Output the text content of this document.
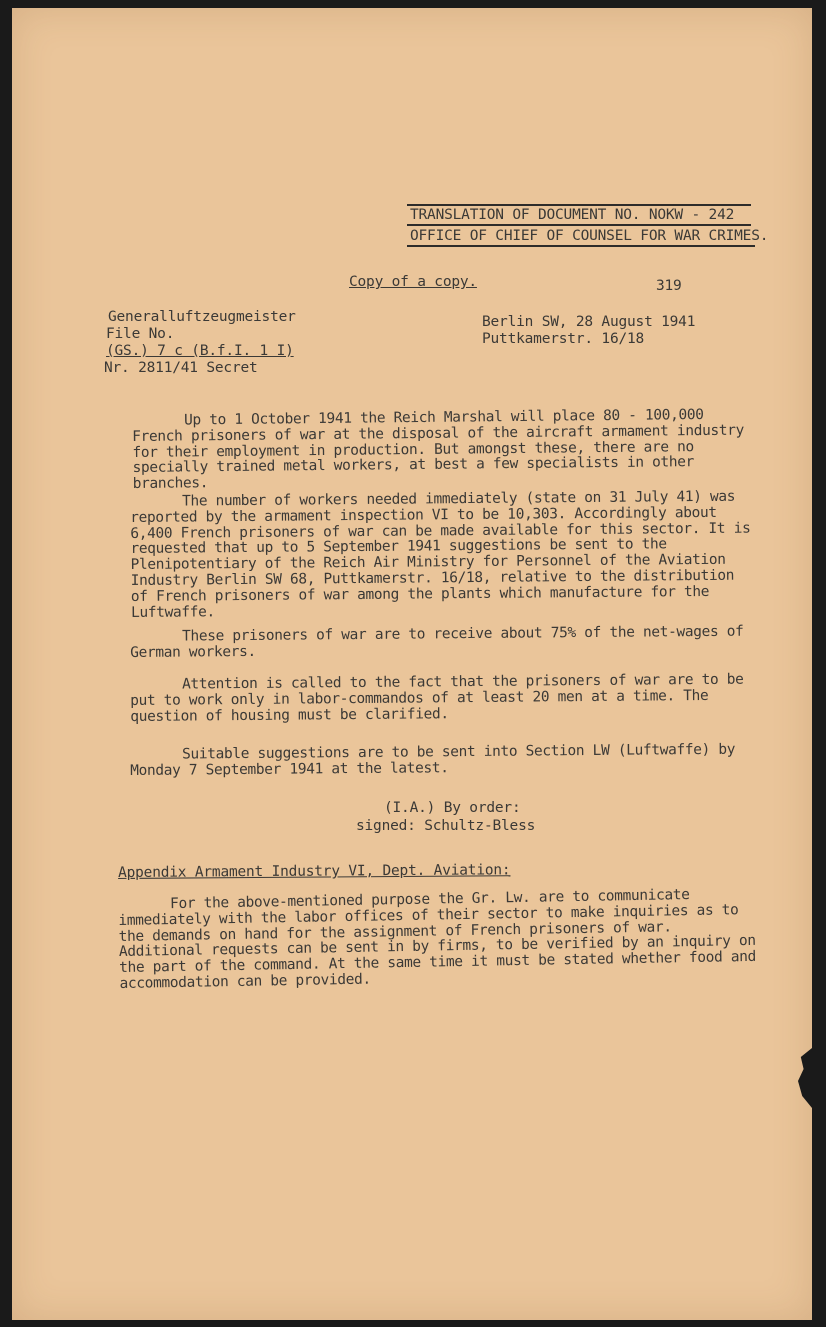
TRANSLATION OF DOCUMENT NO. NOKW - 242
OFFICE OF CHIEF OF COUNSEL FOR WAR CRIMES.
Copy of a copy.	319
Generalluftzeugmeister
File No.
(GS.) 7 c (B.f.I. 1 I)
Nr. 2811/41 Secret
Berlin SW, 28 August 1941
Puttkamerstr. 16/18
Up to 1 October 1941 the Reich Marshal will place 80 - 100,000 French prisoners of war at the disposal of the aircraft armament industry for their employment in production. But amongst these, there are no specially trained metal workers, at best a few specialists in other branches.
The number of workers needed immediately (state on 31 July 41) was reported by the armament inspection VI to be 10,303. Accordingly about 6,400 French prisoners of war can be made available for this sector. It is requested that up to 5 September 1941 suggestions be sent to the Plenipotentiary of the Reich Air Ministry for Personnel of the Aviation Industry Berlin SW 68, Puttkamerstr. 16/18, relative to the distribution of French prisoners of war among the plants which manufacture for the Luftwaffe.
These prisoners of war are to receive about 75% of the net-wages of German workers.
Attention is called to the fact that the prisoners of war are to be put to work only in labor-commandos of at least 20 men at a time. The question of housing must be clarified.
Suitable suggestions are to be sent into Section LW (Luftwaffe) by Monday 7 September 1941 at the latest.
(I.A.) By order:
signed: Schultz-Bless
Appendix Armament Industry VI, Dept. Aviation:
For the above-mentioned purpose the Gr. Lw. are to communicate immediately with the labor offices of their sector to make inquiries as to the demands on hand for the assignment of French prisoners of war. Additional requests can be sent in by firms, to be verified by an inquiry on the part of the command. At the same time it must be stated whether food and accommodation can be provided.
